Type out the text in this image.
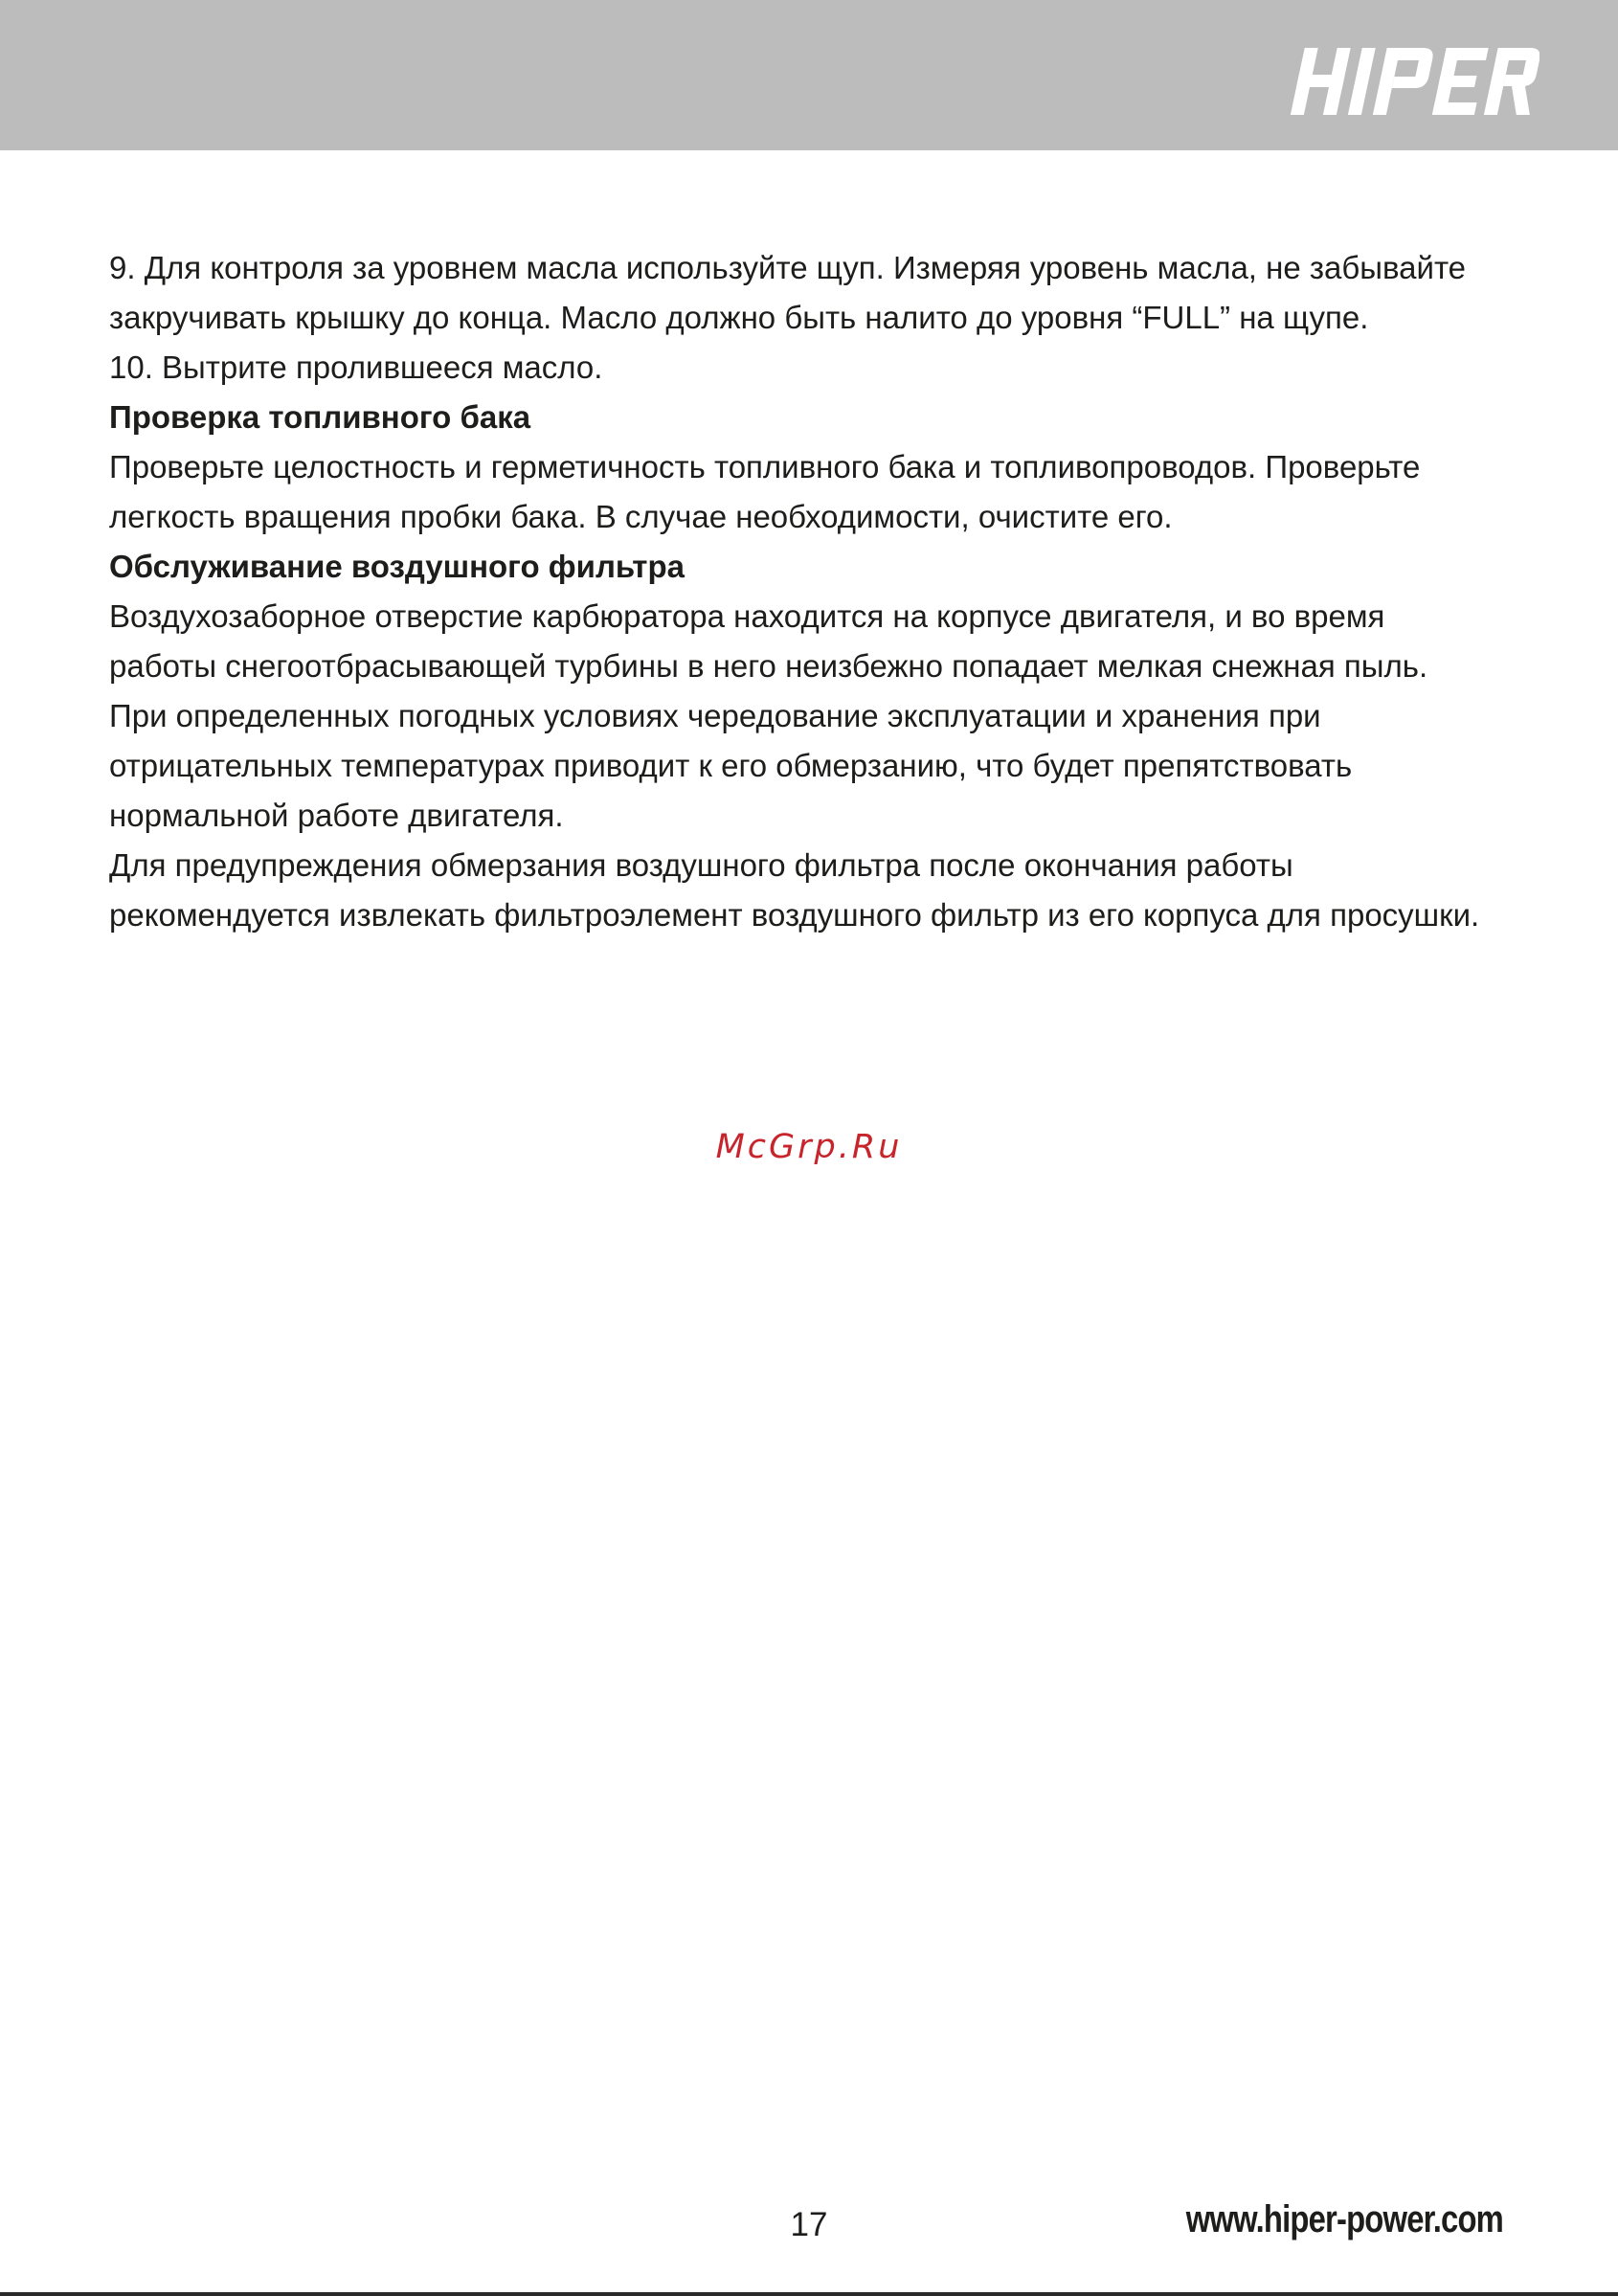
9. Для контроля за уровнем масла используйте щуп. Измеряя уровень масла, не забывайте закручивать крышку до конца. Масло должно быть налито до уровня “FULL” на щупе.

10. Вытрите пролившееся масло.

Проверка топливного бака

Проверьте целостность и герметичность топливного бака и топливопроводов. Проверьте легкость вращения пробки бака. В случае необходимости, очистите его.

Обслуживание воздушного фильтра

Воздухозаборное отверстие карбюратора находится на корпусе двигателя, и во время работы снегоотбрасывающей турбины в него неизбежно попадает мелкая снежная пыль. При определенных погодных условиях чередование эксплуатации и хранения при отрицательных температурах приводит к его обмерзанию, что будет препятствовать нормальной работе двигателя.

Для предупреждения обмерзания воздушного фильтра после окончания работы рекомендуется извлекать фильтроэлемент воздушного фильтр из его корпуса для просушки.

McGrp.Ru
17	www.hiper-power.com
